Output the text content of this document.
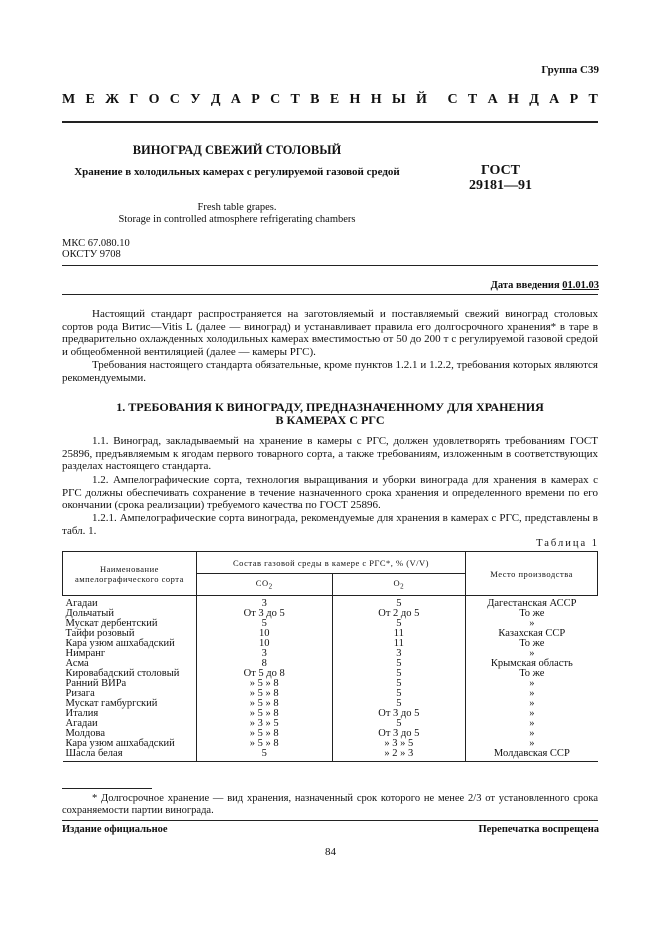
Группа С39
М Е Ж Г О С У Д А Р С Т В Е Н Н Ы Й С Т А Н Д А Р Т
ВИНОГРАД СВЕЖИЙ СТОЛОВЫЙ
Хранение в холодильных камерах с регулируемой газовой средой	ГОСТ
29181—91
Fresh table grapes.
Storage in controlled atmosphere refrigerating chambers
МКС 67.080.10
ОКСТУ 9708
Дата введения 01.01.03
Настоящий стандарт распространяется на заготовляемый и поставляемый свежий виноград столовых сортов рода Витис—Vitis L (далее — виноград) и устанавливает правила его долгосрочного хранения* в таре в предварительно охлажденных холодильных камерах вместимостью от 50 до 200 т с регулируемой газовой средой и общеобменной вентиляцией (далее — камеры РГС).
Требования настоящего стандарта обязательные, кроме пунктов 1.2.1 и 1.2.2, требования которых являются рекомендуемыми.
1. ТРЕБОВАНИЯ К ВИНОГРАДУ, ПРЕДНАЗНАЧЕННОМУ ДЛЯ ХРАНЕНИЯ
В КАМЕРАХ С РГС
1.1. Виноград, закладываемый на хранение в камеры с РГС, должен удовлетворять требованиям ГОСТ 25896, предъявляемым к ягодам первого товарного сорта, а также требованиям, изложенным в соответствующих разделах настоящего стандарта.
1.2. Ампелографические сорта, технология выращивания и уборки винограда для хранения в камерах с РГС должны обеспечивать сохранение в течение назначенного срока хранения и определенного времени по его окончании (срока реализации) требуемого качества по ГОСТ 25896.
1.2.1. Ампелографические сорта винограда, рекомендуемые для хранения в камерах с РГС, представлены в табл. 1.
Таблица 1
Наименование ампелографического сорта	Состав газовой среды в камере с РГС*, % (V/V)		Место производства
	$CO_2$	$O_2$
Агадаи	3	5	Дагестанская АССР
Дольчатый	От 3 до 5	От 2 до 5	То же
Мускат дербентский	5	5	»
Тайфи розовый	10	11	Казахская ССР
Кара узюм ашхабадский	10	11	То же
Нимранг	3	3	»
Асма	8	5	Крымская область
Кировабадский столовый	От 5 до 8	5	То же
Ранний ВИРа	» 5 » 8	5	»
Ризага	» 5 » 8	5	»
Мускат гамбургский	» 5 » 8	5	»
Италия	» 5 » 8	От 3 до 5	»
Агадаи	» 3 » 5	5	»
Молдова	» 5 » 8	От 3 до 5	»
Кара узюм ашхабадский	» 5 » 8	» 3 » 5	»
Шасла белая	5	» 2 » 3	Молдавская ССР
* Долгосрочное хранение — вид хранения, назначенный срок которого не менее 2/3 от установленного срока сохраняемости партии винограда.
Издание официальное	Перепечатка воспрещена
84
